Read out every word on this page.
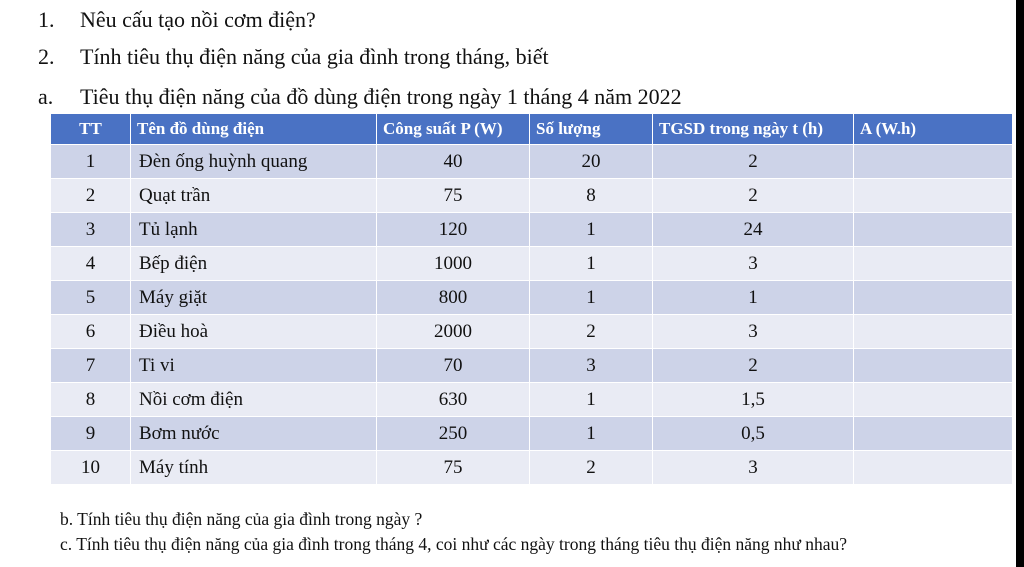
1. Nêu cấu tạo nồi cơm điện?
2. Tính tiêu thụ điện năng của gia đình trong tháng, biết
a. Tiêu thụ điện năng của đồ dùng điện trong ngày 1 tháng 4 năm 2022
TT	Tên đồ dùng điện	Công suất P (W)	Số lượng	TGSD trong ngày t (h)	A (W.h)
1	Đèn ống huỳnh quang	40	20	2	
2	Quạt trần	75	8	2	
3	Tủ lạnh	120	1	24	
4	Bếp điện	1000	1	3	
5	Máy giặt	800	1	1	
6	Điều hoà	2000	2	3	
7	Ti vi	70	3	2	
8	Nồi cơm điện	630	1	1,5	
9	Bơm nước	250	1	0,5	
10	Máy tính	75	2	3	
b. Tính tiêu thụ điện năng của gia đình trong ngày ?
c. Tính tiêu thụ điện năng của gia đình trong tháng 4, coi như các ngày trong tháng tiêu thụ điện năng như nhau?
